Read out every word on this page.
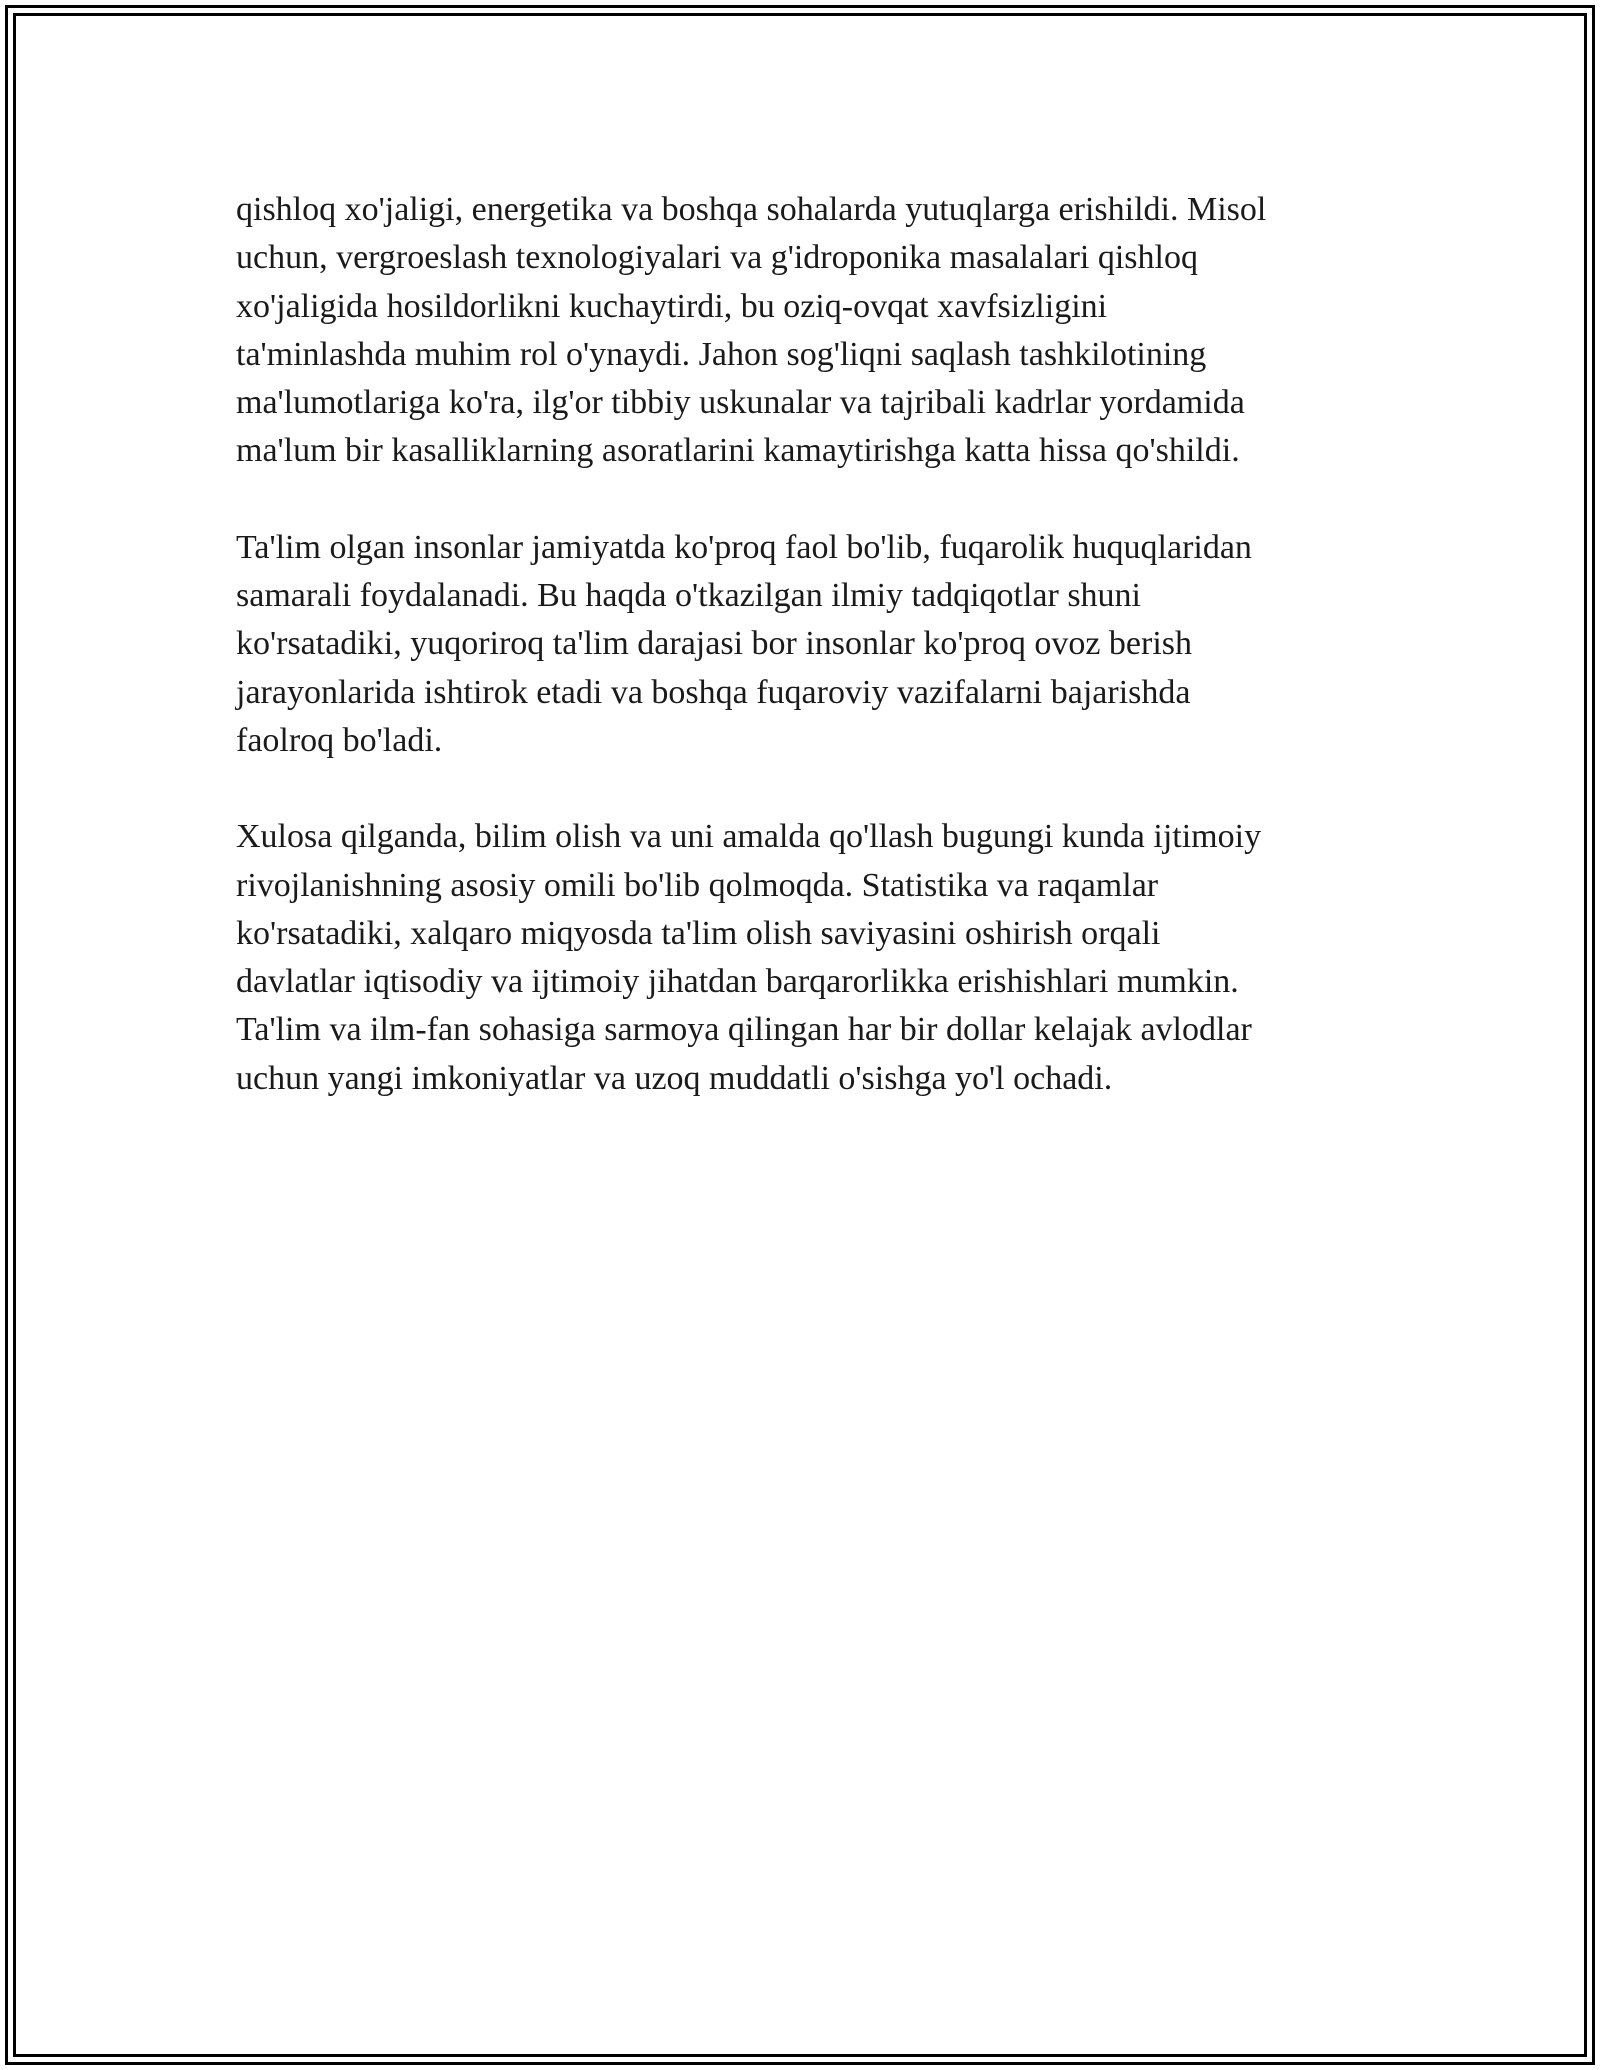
qishloq xo'jaligi, energetika va boshqa sohalarda yutuqlarga erishildi. Misol
uchun, vergroeslash texnologiyalari va g'idroponika masalalari qishloq
xo'jaligida hosildorlikni kuchaytirdi, bu oziq-ovqat xavfsizligini
ta'minlashda muhim rol o'ynaydi. Jahon sog'liqni saqlash tashkilotining
ma'lumotlariga ko'ra, ilg'or tibbiy uskunalar va tajribali kadrlar yordamida
ma'lum bir kasalliklarning asoratlarini kamaytirishga katta hissa qo'shildi.

Ta'lim olgan insonlar jamiyatda ko'proq faol bo'lib, fuqarolik huquqlaridan
samarali foydalanadi. Bu haqda o'tkazilgan ilmiy tadqiqotlar shuni
ko'rsatadiki, yuqoriroq ta'lim darajasi bor insonlar ko'proq ovoz berish
jarayonlarida ishtirok etadi va boshqa fuqaroviy vazifalarni bajarishda
faolroq bo'ladi.

Xulosa qilganda, bilim olish va uni amalda qo'llash bugungi kunda ijtimoiy
rivojlanishning asosiy omili bo'lib qolmoqda. Statistika va raqamlar
ko'rsatadiki, xalqaro miqyosda ta'lim olish saviyasini oshirish orqali
davlatlar iqtisodiy va ijtimoiy jihatdan barqarorlikka erishishlari mumkin.
Ta'lim va ilm-fan sohasiga sarmoya qilingan har bir dollar kelajak avlodlar
uchun yangi imkoniyatlar va uzoq muddatli o'sishga yo'l ochadi.
